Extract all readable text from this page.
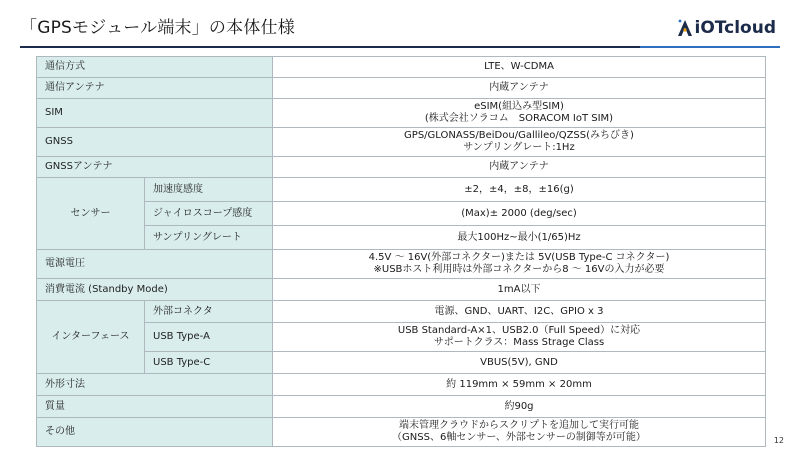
「GPSモジュール端末」の本体仕様	iOTcloud
通信方式		LTE、W-CDMA
通信アンテナ		内蔵アンテナ
SIM		eSIM(組込み型SIM)
(株式会社ソラコム　SORACOM IoT SIM)

GNSS		GPS/GLONASS/BeiDou/Gallileo/QZSS(みちびき)
サンプリングレート:1Hz

GNSSアンテナ		内蔵アンテナ
センサー	加速度感度	±2，±4，±8，±16(g)
	ジャイロスコープ感度	(Max)± 2000 (deg/sec)
	サンプリングレート	最大100Hz~最小(1/65)Hz
電源電圧		4.5V 〜 16V(外部コネクター)または 5V(USB Type-C コネクター)
※USBホスト利用時は外部コネクターから8 〜 16Vの入力が必要

消費電流 (Standby Mode)		1mA以下
インターフェース	外部コネクタ	電源、GND、UART、I2C、GPIO x 3
	USB Type-A	USB Standard-A×1、USB2.0（Full Speed）に対応
サポートクラス：Mass Strage Class

	USB Type-C	VBUS(5V), GND
外形寸法		約 119mm × 59mm × 20mm
質量		約90g
その他		端末管理クラウドからスクリプトを追加して実行可能
（GNSS、6軸センサー、外部センサーの制御等が可能）	12
